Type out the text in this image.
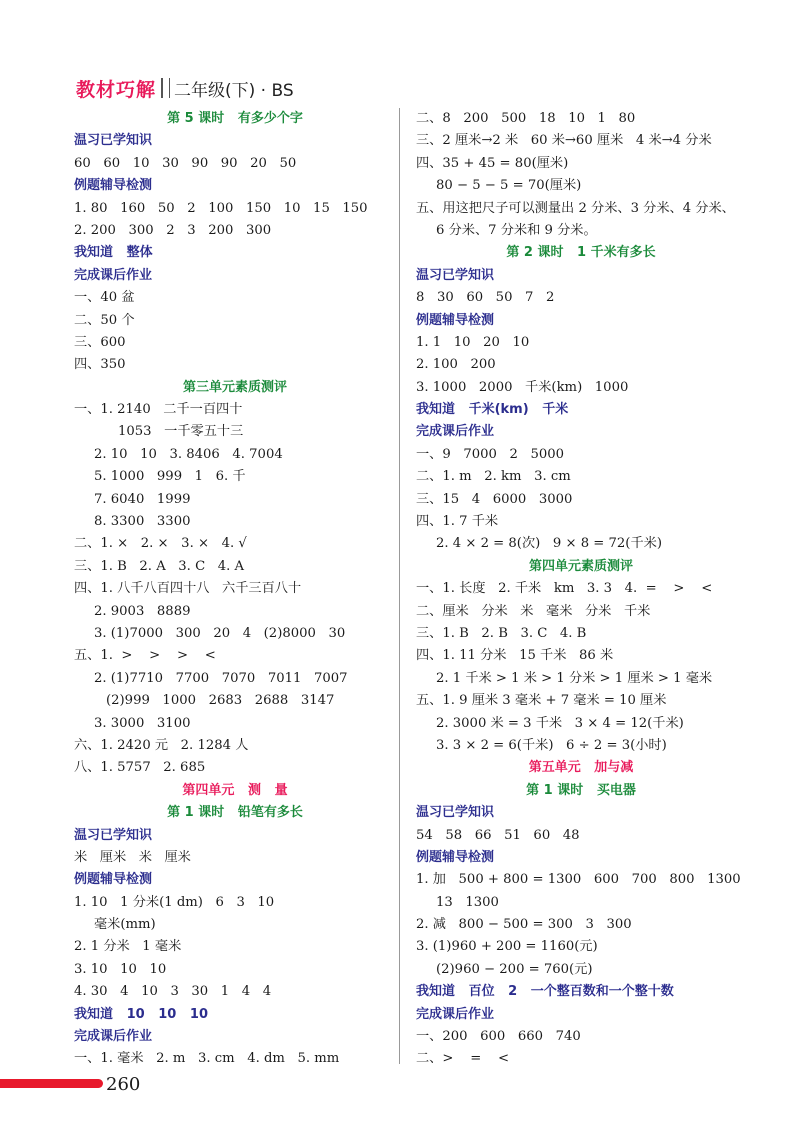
教材巧解 二年级(下) · BS
第 5 课时   有多少个字
温习已学知识
60   60   10   30   90   90   20   50
例题辅导检测
1. 80   160   50   2   100   150   10   15   150
2. 200   300   2   3   200   300
我知道   整体
完成课后作业
一、40 盆
二、50 个
三、600
四、350
第三单元素质测评
一、1. 2140   二千一百四十
1053   一千零五十三
2. 10   10   3. 8406   4. 7004
5. 1000   999   1   6. 千
7. 6040   1999
8. 3300   3300
二、1. ×   2. ×   3. ×   4. √
三、1. B   2. A   3. C   4. A
四、1. 八千八百四十八   六千三百八十
2. 9003   8889
3. (1)7000   300   20   4   (2)8000   30
五、1.  >    >    >    <
2. (1)7710   7700   7070   7011   7007
(2)999   1000   2683   2688   3147
3. 3000   3100
六、1. 2420 元   2. 1284 人
八、1. 5757   2. 685
第四单元   测   量
第 1 课时   铅笔有多长
温习已学知识
米   厘米   米   厘米
例题辅导检测
1. 10   1 分米(1 dm)   6   3   10
毫米(mm)
2. 1 分米   1 毫米
3. 10   10   10
4. 30   4   10   3   30   1   4   4
我知道   10   10   10
完成课后作业
一、1. 毫米   2. m   3. cm   4. dm   5. mm
二、8   200   500   18   10   1   80
三、2 厘米→2 米   60 米→60 厘米   4 米→4 分米
四、35 + 45 = 80(厘米)
80 − 5 − 5 = 70(厘米)
五、用这把尺子可以测量出 2 分米、3 分米、4 分米、
6 分米、7 分米和 9 分米。
第 2 课时   1 千米有多长
温习已学知识
8   30   60   50   7   2
例题辅导检测
1. 1   10   20   10
2. 100   200
3. 1000   2000   千米(km)   1000
我知道   千米(km)   千米
完成课后作业
一、9   7000   2   5000
二、1. m   2. km   3. cm
三、15   4   6000   3000
四、1. 7 千米
2. 4 × 2 = 8(次)   9 × 8 = 72(千米)
第四单元素质测评
一、1. 长度   2. 千米   km   3. 3   4.  =    >    <
二、厘米   分米   米   毫米   分米   千米
三、1. B   2. B   3. C   4. B
四、1. 11 分米   15 千米   86 米
2. 1 千米 > 1 米 > 1 分米 > 1 厘米 > 1 毫米
五、1. 9 厘米 3 毫米 + 7 毫米 = 10 厘米
2. 3000 米 = 3 千米   3 × 4 = 12(千米)
3. 3 × 2 = 6(千米)   6 ÷ 2 = 3(小时)
第五单元   加与减
第 1 课时   买电器
温习已学知识
54   58   66   51   60   48
例题辅导检测
1. 加   500 + 800 = 1300   600   700   800   1300
13   1300
2. 减   800 − 500 = 300   3   300
3. (1)960 + 200 = 1160(元)
(2)960 − 200 = 760(元)
我知道   百位   2   一个整百数和一个整十数
完成课后作业
一、200   600   660   740
二、>    =    <
260
